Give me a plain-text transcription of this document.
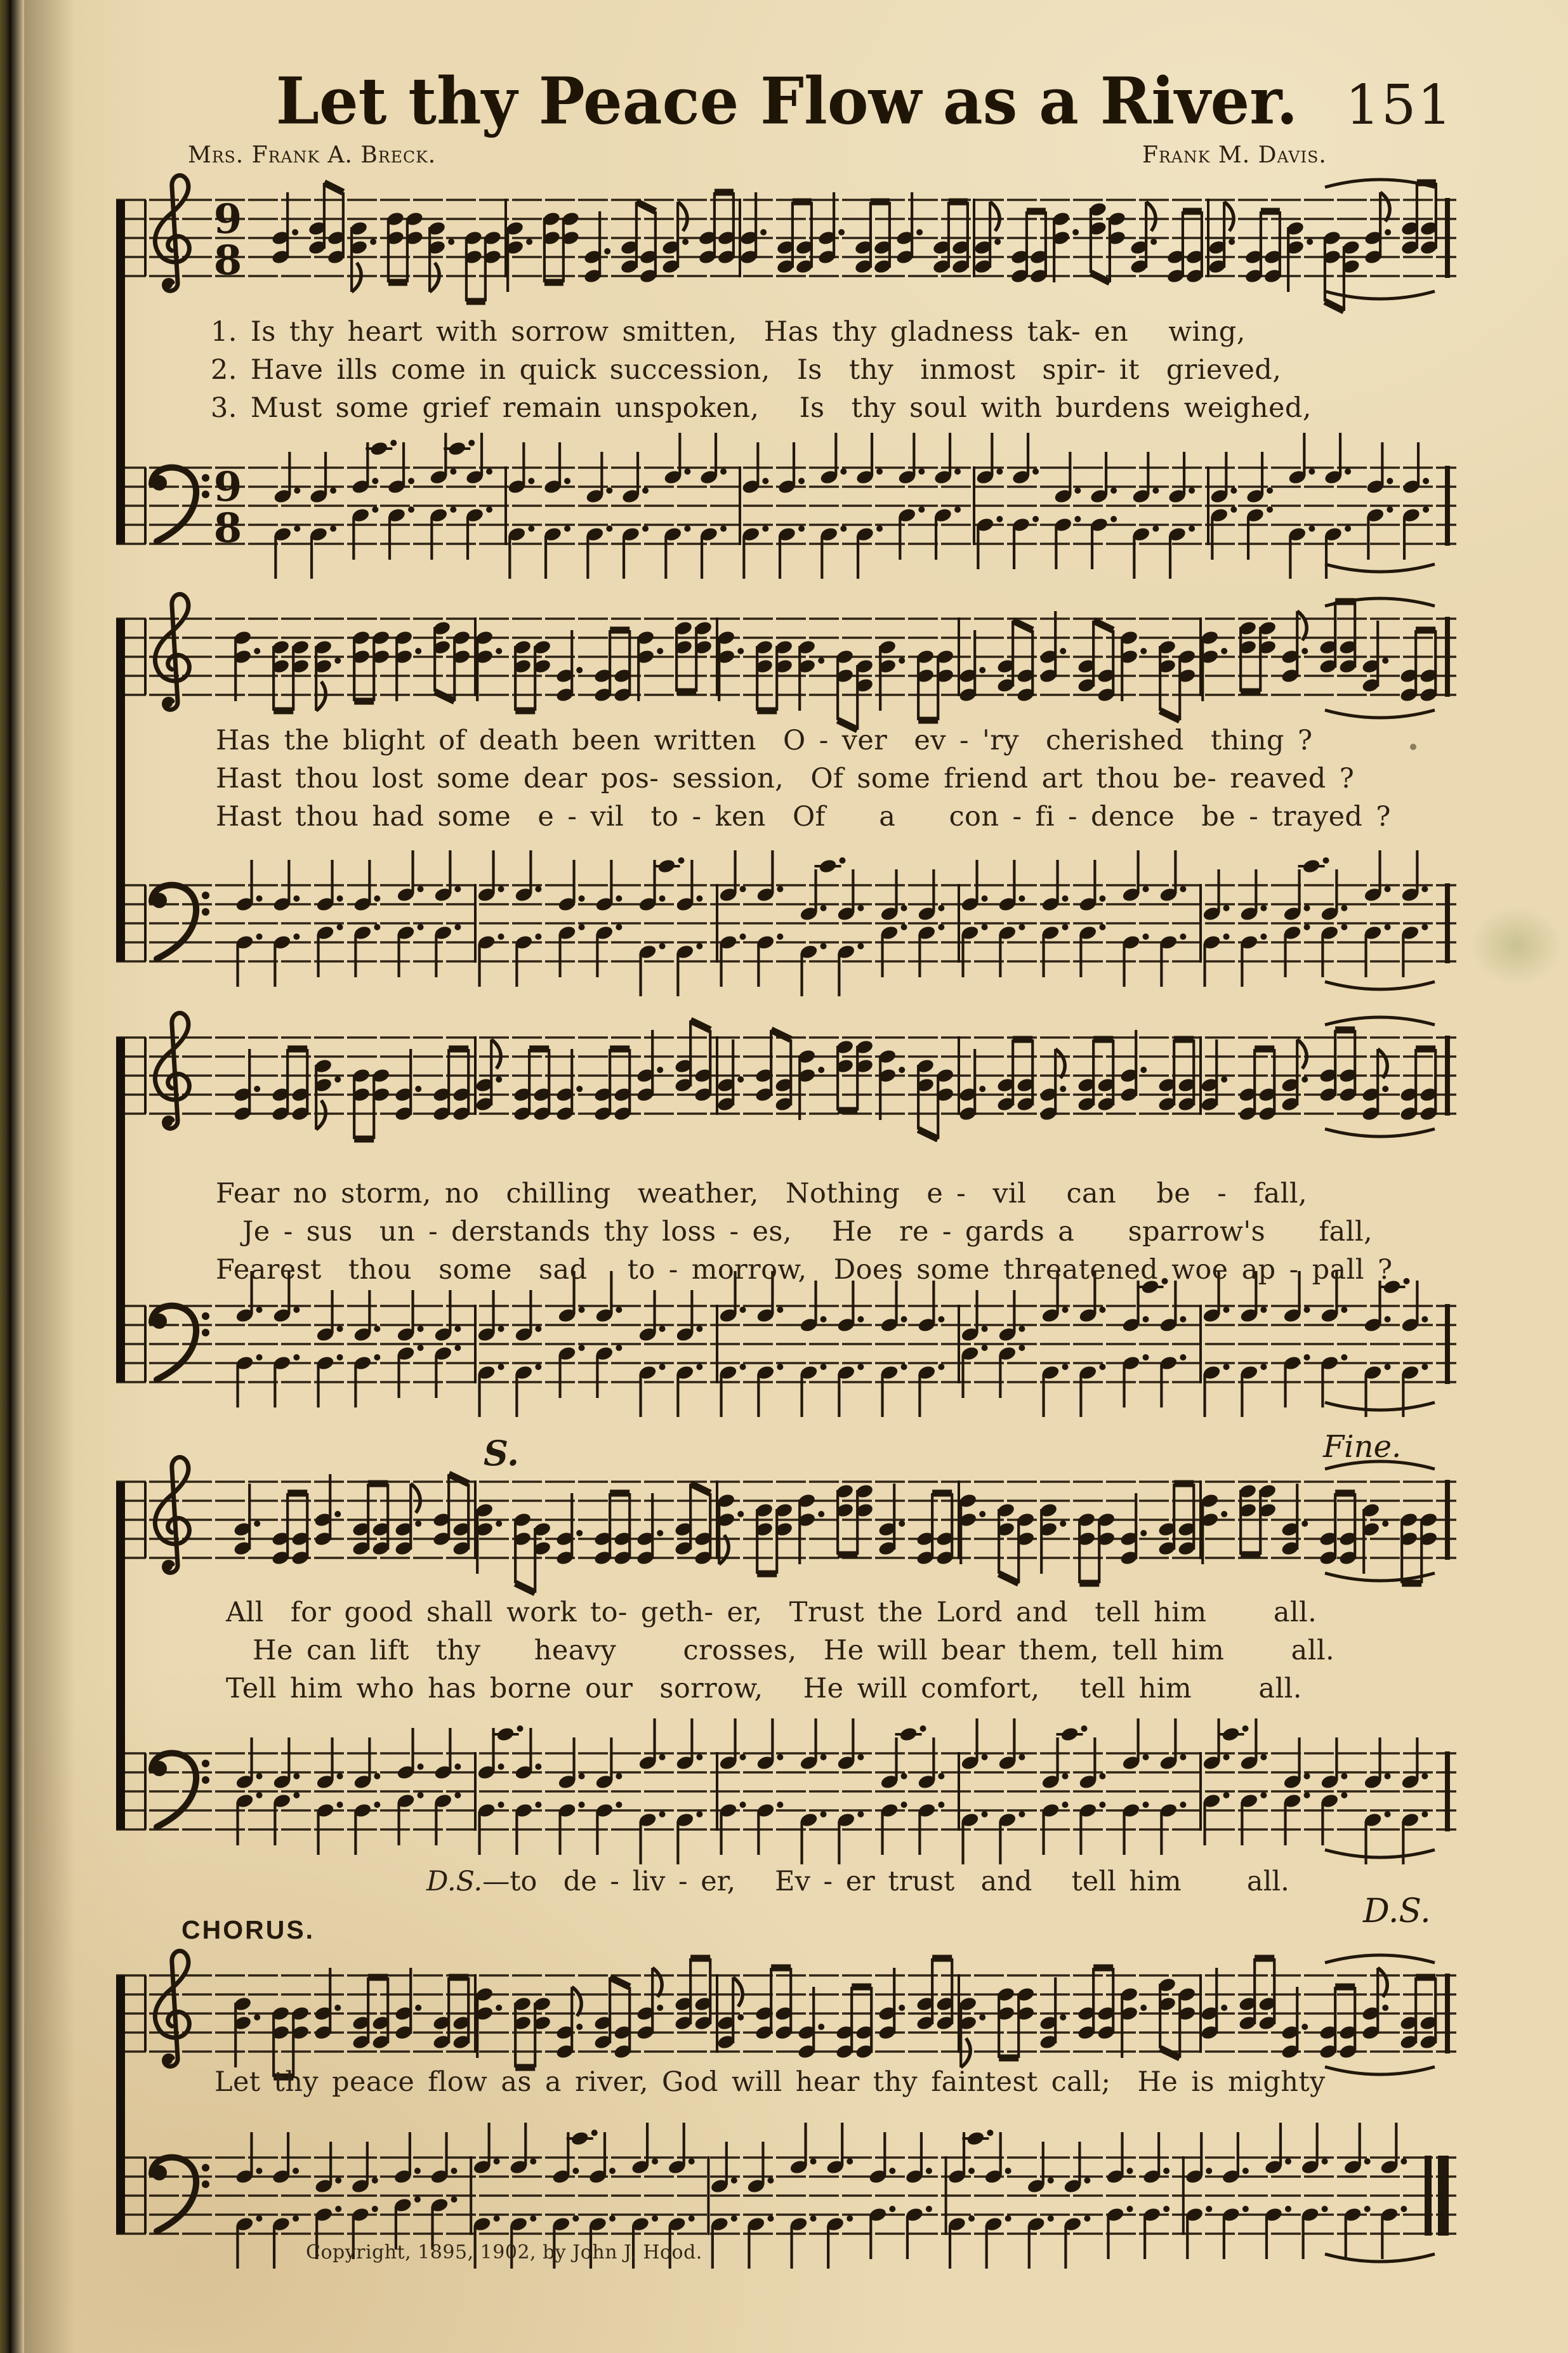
Let thy Peace Flow as a River. 151
Mrs. Frank A. Breck.	Frank M. Davis.
9
8
9
8
1. Is thy heart with sorrow smitten,  Has thy gladness tak- en   wing,
2. Have ills come in quick succession,  Is  thy  inmost  spir- it  grieved,
3. Must some grief remain unspoken,   Is  thy soul with burdens weighed,
Has the blight of death been written  O - ver  ev - 'ry  cherished  thing ?
Hast thou lost some dear pos- session,  Of some friend art thou be- reaved ?
Hast thou had some  e - vil  to - ken  Of    a    con - fi - dence  be - trayed ?
Fear no storm, no  chilling  weather,  Nothing  e -  vil   can   be  -  fall,
Je - sus  un - derstands thy loss - es,   He  re - gards a    sparrow's    fall,
Fearest  thou  some  sad   to - morrow,  Does some threatened woe ap - pall ?
All  for good shall work to- geth- er,  Trust the Lord and  tell him     all.
He can lift  thy    heavy     crosses,  He will bear them, tell him     all.
Tell him who has borne our  sorrow,   He will comfort,   tell him     all.
D.S.—to  de - liv - er,   Ev - er trust  and   tell him     all.
CHORUS.	D.S.
Fine.
S.
Let thy peace flow as a river, God will hear thy faintest call;  He is mighty
Copyright, 1895, 1902, by John J. Hood.
